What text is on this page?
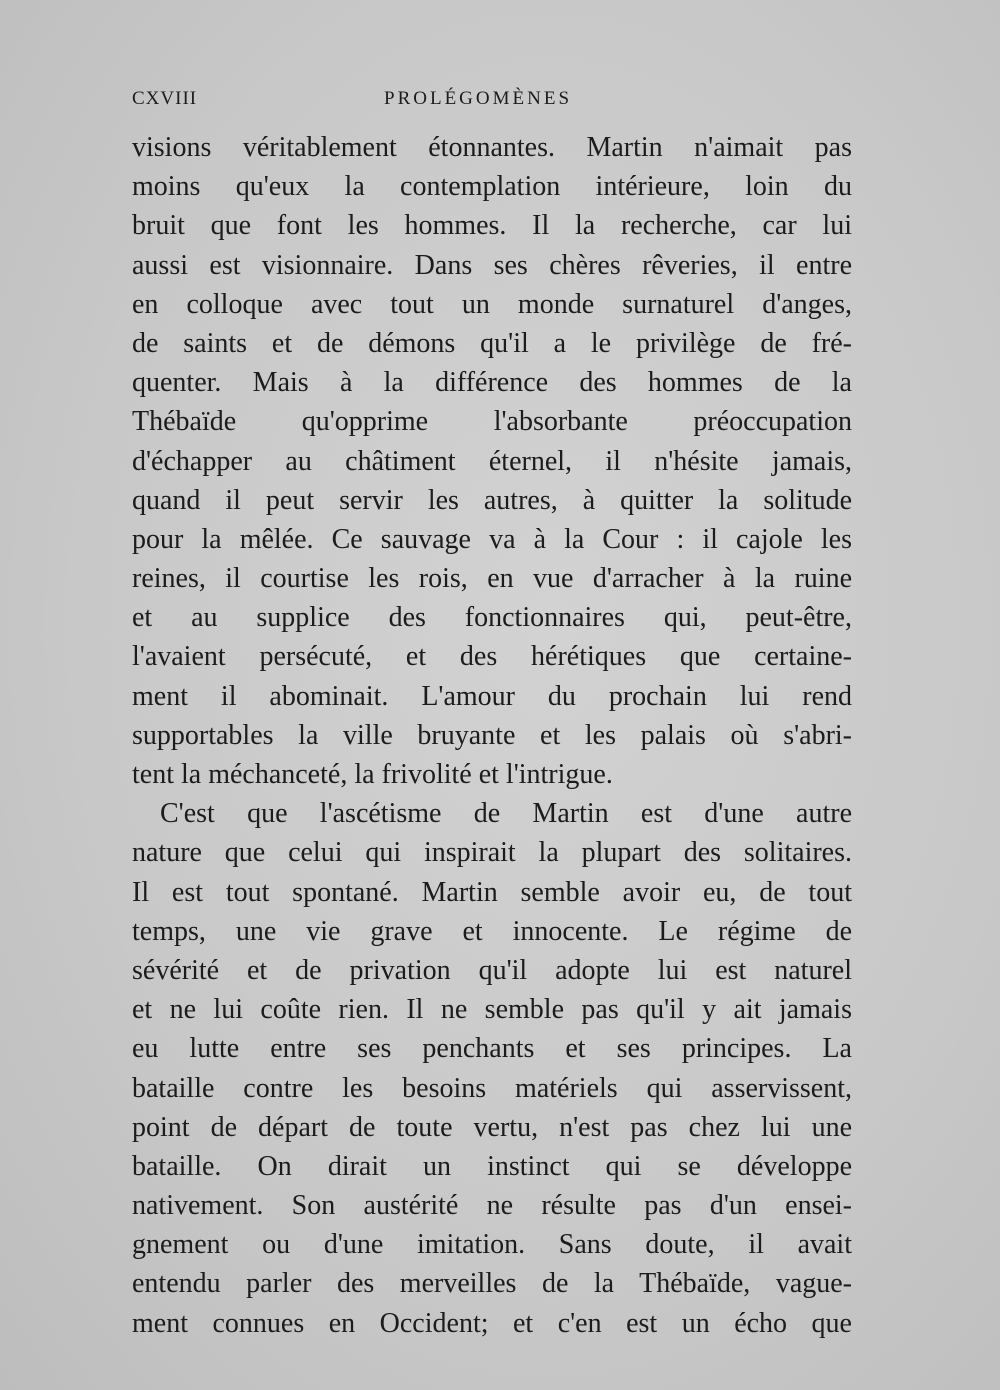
CXVIII	PROLÉGOMÈNES
visions véritablement étonnantes. Martin n'aimait pas
moins qu'eux la contemplation intérieure, loin du
bruit que font les hommes. Il la recherche, car lui
aussi est visionnaire. Dans ses chères rêveries, il entre
en colloque avec tout un monde surnaturel d'anges,
de saints et de démons qu'il a le privilège de fré-
quenter. Mais à la différence des hommes de la
Thébaïde qu'opprime l'absorbante préoccupation
d'échapper au châtiment éternel, il n'hésite jamais,
quand il peut servir les autres, à quitter la solitude
pour la mêlée. Ce sauvage va à la Cour : il cajole les
reines, il courtise les rois, en vue d'arracher à la ruine
et au supplice des fonctionnaires qui, peut-être,
l'avaient persécuté, et des hérétiques que certaine-
ment il abominait. L'amour du prochain lui rend
supportables la ville bruyante et les palais où s'abri-
tent la méchanceté, la frivolité et l'intrigue.
C'est que l'ascétisme de Martin est d'une autre
nature que celui qui inspirait la plupart des solitaires.
Il est tout spontané. Martin semble avoir eu, de tout
temps, une vie grave et innocente. Le régime de
sévérité et de privation qu'il adopte lui est naturel
et ne lui coûte rien. Il ne semble pas qu'il y ait jamais
eu lutte entre ses penchants et ses principes. La
bataille contre les besoins matériels qui asservissent,
point de départ de toute vertu, n'est pas chez lui une
bataille. On dirait un instinct qui se développe
nativement. Son austérité ne résulte pas d'un ensei-
gnement ou d'une imitation. Sans doute, il avait
entendu parler des merveilles de la Thébaïde, vague-
ment connues en Occident; et c'en est un écho que
